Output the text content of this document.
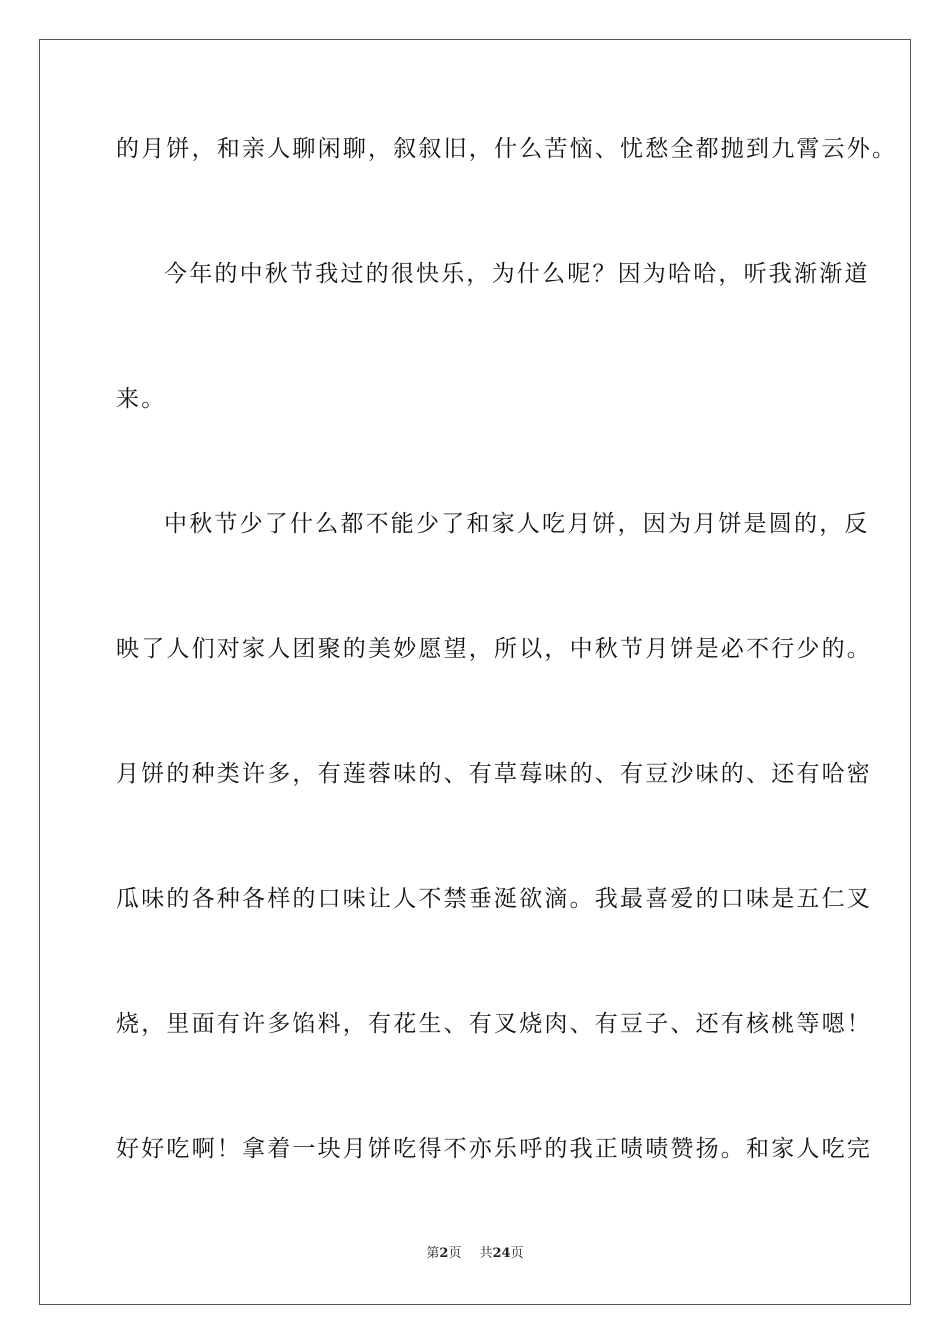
的月饼，和亲人聊闲聊，叙叙旧，什么苦恼、忧愁全都抛到九霄云外。
今年的中秋节我过的很快乐，为什么呢？因为哈哈，听我渐渐道
来。
中秋节少了什么都不能少了和家人吃月饼，因为月饼是圆的，反
映了人们对家人团聚的美妙愿望，所以，中秋节月饼是必不行少的。
月饼的种类许多，有莲蓉味的、有草莓味的、有豆沙味的、还有哈密
瓜味的各种各样的口味让人不禁垂涎欲滴。我最喜爱的口味是五仁叉
烧，里面有许多馅料，有花生、有叉烧肉、有豆子、还有核桃等嗯！
好好吃啊！拿着一块月饼吃得不亦乐呼的我正啧啧赞扬。和家人吃完
第2页 共24页
